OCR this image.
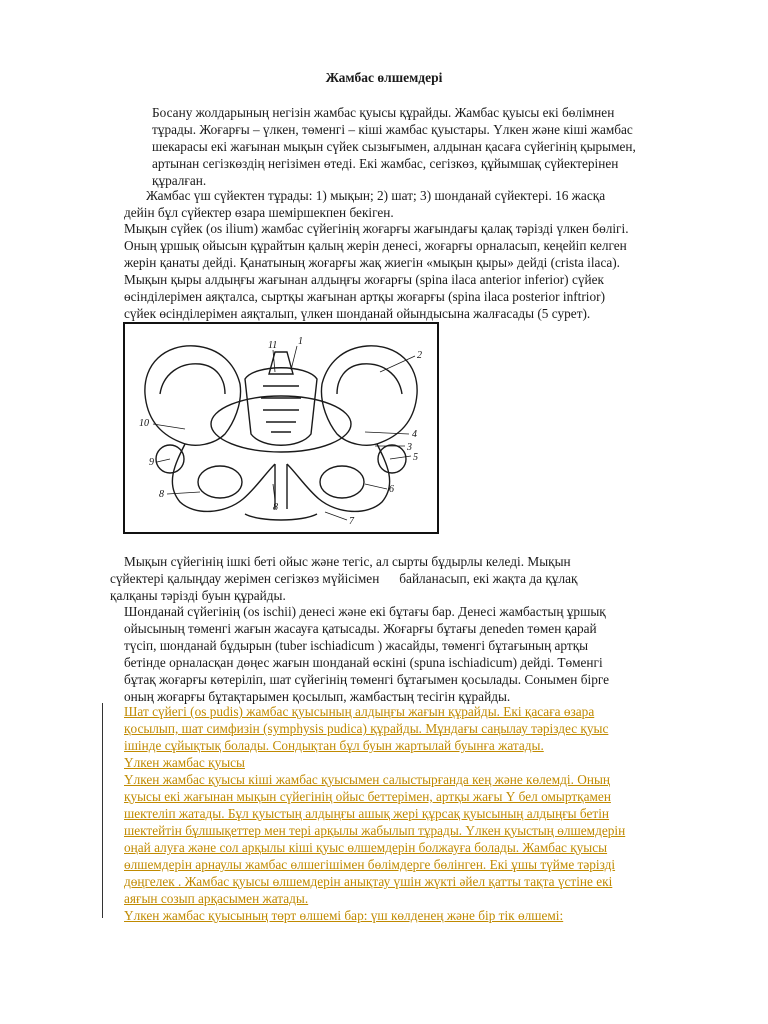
Жамбас өлшемдері
Босану жолдарының негізін жамбас қуысы құрайды. Жамбас қуысы екі бөлімнен
тұрады. Жоғарғы – үлкен, төменгі – кіші жамбас қуыстары. Үлкен және кіші жамбас
шекарасы екі жағынан мықын сүйек сызығымен, алдынан қасаға сүйегінің қырымен,
артынан сегізкөздің негізімен өтеді. Екі жамбас, сегізкөз, құйымшақ сүйектерінен
құралған.
Жамбас үш сүйектен тұрады: 1) мықын; 2) шат; 3) шонданай сүйектері. 16 жасқа
дейін бұл сүйектер өзара шеміршекпен бекіген.
Мықын сүйек (os ilium) жамбас сүйегінің жоғарғы жағындағы қалақ тәрізді үлкен бөлігі.
Оның ұршық ойысын құрайтын қалың жерін денесі, жоғарғы орналасып, кеңейіп келген
жерін қанаты дейді. Қанатының жоғарғы жақ жиегін «мықын қыры» дейді (crista ilaca).
Мықын қыры алдыңғы жағынан алдыңғы жоғарғы (spina ilaca anterior inferior) сүйек
өсінділерімен аяқталса, сыртқы жағынан артқы жоғарғы (spina ilaca posterior inftrior)
сүйек өсінділерімен аяқталып, үлкен шонданай ойындысына жалғасады (5 сурет).
11 1
2
10
4
3
5
9
6
8
8
7
Мықын сүйегінің ішкі беті ойыс және тегіс, ал сырты бұдырлы келеді. Мықын
сүйектері қалыңдау жерімен сегізкөз мүйісімен      байланасып, екі жақта да құлақ
қалқаны тәрізді буын құрайды.
Шонданай сүйегінің (os ischii) денесі және екі бұтағы бар. Денесі жамбастың ұршық
ойысының төменгі жағын жасауға қатысады. Жоғарғы бұтағы деneden төмен қарай
түсіп, шонданай бұдырын (tuber ischiadicum ) жасайды, төменгі бұтағының артқы
бетінде орналасқан дөңес жағын шонданай өскіні (spuna ischiadicum) дейді. Төменгі
бұтақ жоғарғы көтеріліп, шат сүйегінің төменгі бұтағымен қосылады. Сонымен бірге
оның жоғарғы бұтақтарымен қосылып, жамбастың тесігін құрайды.
Шат сүйегі (os pudis) жамбас қуысының алдыңғы жағын құрайды. Екі қасаға өзара
қосылып, шат симфизін (symphysis pudica) құрайды. Мұндағы саңылау тәріздес қуыс
ішінде сұйықтық болады. Сондықтан бұл буын жартылай буынға жатады.
Үлкен жамбас қуысы
Үлкен жамбас қуысы кіші жамбас қуысымен салыстырғанда кең және көлемді. Оның
қуысы екі жағынан мықын сүйегінің ойыс беттерімен, артқы жағы Ү бел омыртқамен
шектеліп жатады. Бұл қуыстың алдыңғы ашық жері құрсақ қуысының алдыңғы бетін
шектейтін бұлшықеттер мен тері арқылы жабылып тұрады. Үлкен қуыстың өлшемдерін
оңай алуға және сол арқылы кіші қуыс өлшемдерін болжауға болады. Жамбас қуысы
өлшемдерін арнаулы жамбас өлшегішімен бөлімдерге бөлінген. Екі ұшы түйме тәрізді
дөңгелек . Жамбас қуысы өлшемдерін анықтау үшін жүкті әйел қатты тақта үстіне екі
аяғын созып арқасымен жатады.
Үлкен жамбас қуысының төрт өлшемі бар: үш көлденең және бір тік өлшемі:
